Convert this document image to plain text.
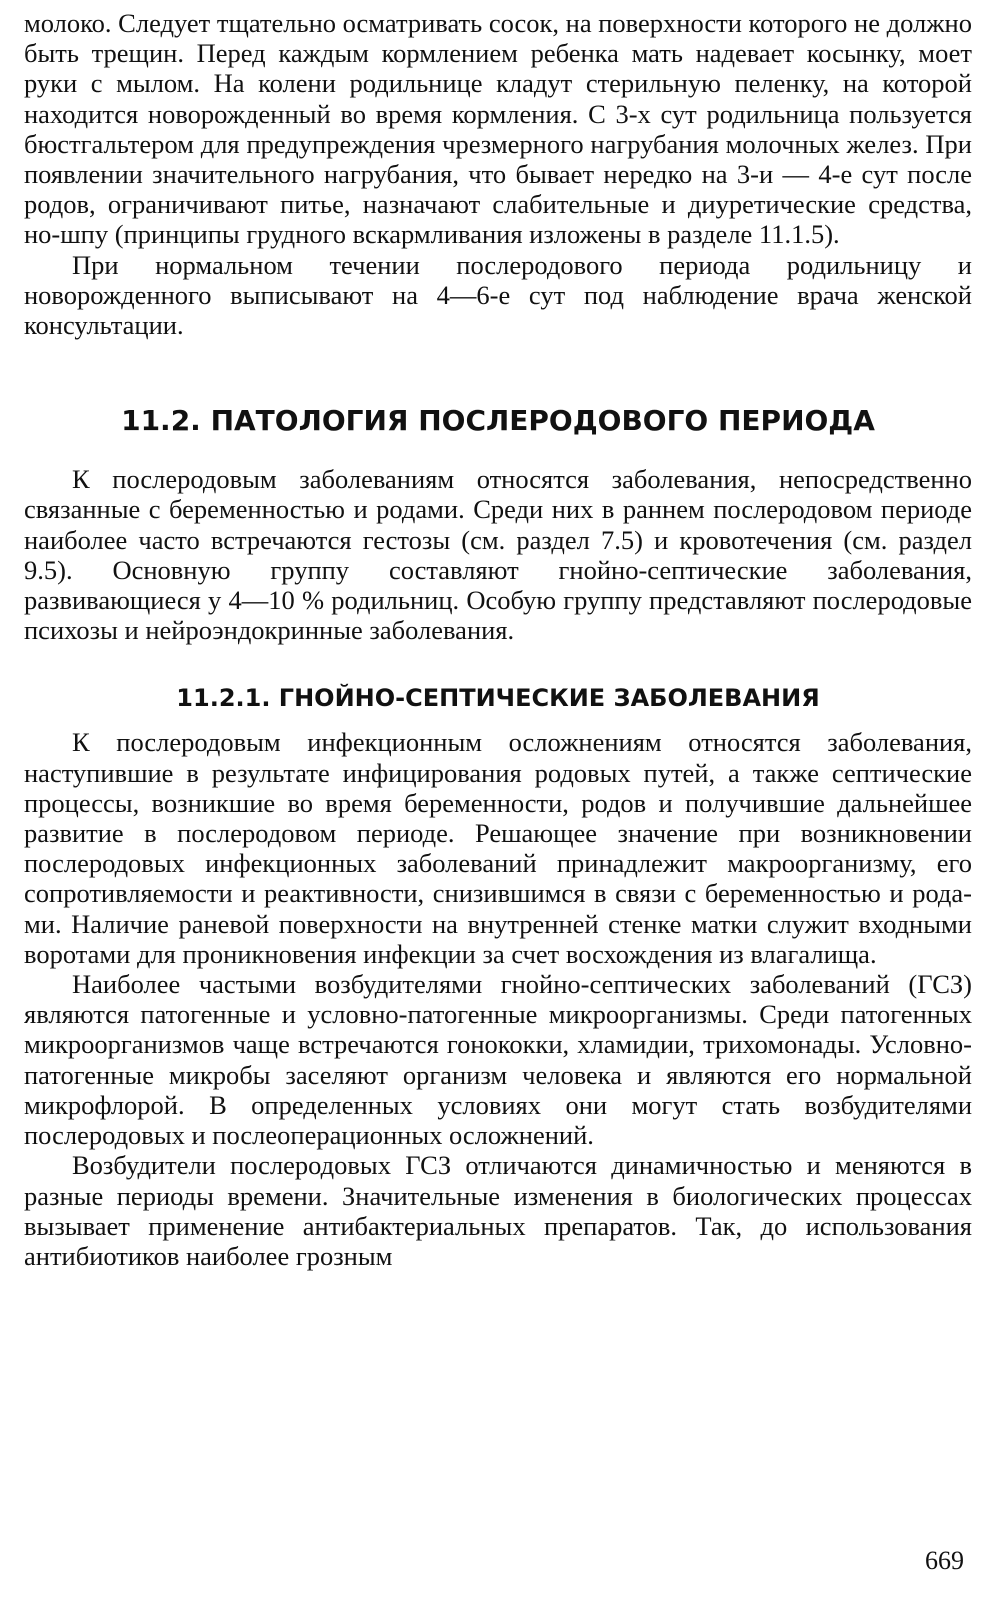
молоко. Следует тщательно осматривать сосок, на поверхности которого не должно быть трещин. Перед каждым кормлением ребенка мать надевает косынку, моет руки с мылом. На колени родильнице кладут стерильную пеленку, на которой находится новорожденный во время кормления. С 3-х сут родильница пользуется бюстгальтером для предупреждения чрезмерного нагрубания молочных желез. При появлении значительного нагрубания, что бывает нередко на 3-и — 4-е сут после родов, ограничивают питье, назначают слабительные и диуретические средства, но-шпу (принципы грудного вскармливания изложены в разделе 11.1.5).

При нормальном течении послеродового периода родильницу и новорожденного выписывают на 4—6-е сут под наблюдение врача женской консультации.

11.2. ПАТОЛОГИЯ ПОСЛЕРОДОВОГО ПЕРИОДА

К послеродовым заболеваниям относятся заболевания, непосредственно связанные с беременностью и родами. Среди них в раннем послеродовом периоде наиболее часто встречаются гестозы (см. раздел 7.5) и кровотечения (см. раздел 9.5). Основную группу составляют гнойно-септические заболевания, развивающиеся у 4—10 % родильниц. Особую группу представляют послеродовые психозы и нейроэндокринные заболевания.

11.2.1. ГНОЙНО-СЕПТИЧЕСКИЕ ЗАБОЛЕВАНИЯ

К послеродовым инфекционным осложнениям относятся заболевания, наступившие в результате инфицирования родовых путей, а также септические процессы, возникшие во время беременности, родов и получившие дальнейшее развитие в послеродовом периоде. Решающее значение при возникновении послеродовых инфекционных заболеваний принадлежит макроорганизму, его сопротивляемости и реактивности, снизившимся в связи с беременностью и родами. Наличие раневой поверхности на внутренней стенке матки служит входными воротами для проникновения инфекции за счет восхождения из влагалища.

Наиболее частыми возбудителями гнойно-септических заболеваний (ГСЗ) являются патогенные и условно-патогенные микроорганизмы. Среди патогенных микроорганизмов чаще встречаются гонококки, хламидии, трихомонады. Условно-патогенные микробы заселяют организм человека и являются его нормальной микрофлорой. В определенных условиях они могут стать возбудителями послеродовых и послеоперационных осложнений.

Возбудители послеродовых ГСЗ отличаются динамичностью и меняются в разные периоды времени. Значительные изменения в биологических процессах вызывает применение антибактериальных препаратов. Так, до использования антибиотиков наиболее грозным

669
